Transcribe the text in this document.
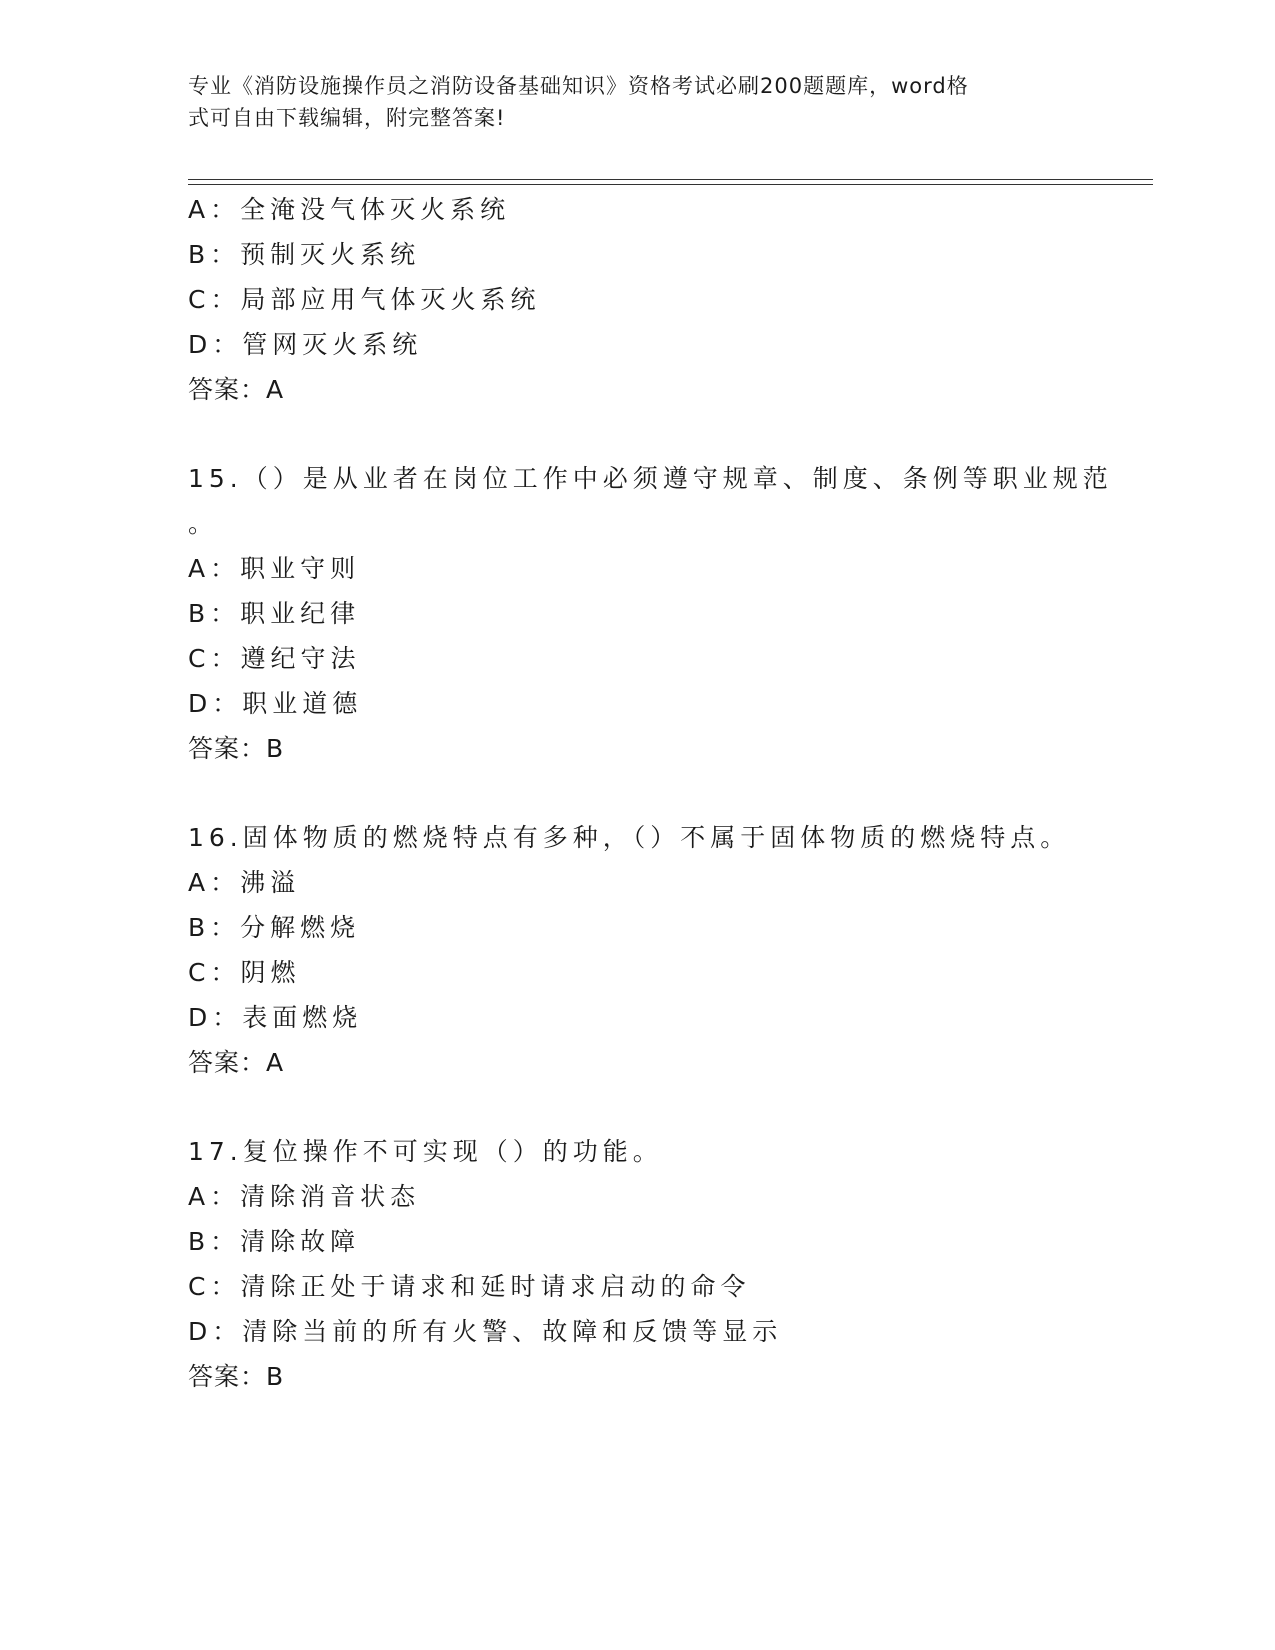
专业《消防设施操作员之消防设备基础知识》资格考试必刷200题题库，word格
式可自由下载编辑，附完整答案!
A：全淹没气体灭火系统
B：预制灭火系统
C：局部应用气体灭火系统
D：管网灭火系统
答案：A
15.（）是从业者在岗位工作中必须遵守规章、制度、条例等职业规范
。
A：职业守则
B：职业纪律
C：遵纪守法
D：职业道德
答案：B
16.固体物质的燃烧特点有多种，（）不属于固体物质的燃烧特点。
A：沸溢
B：分解燃烧
C：阴燃
D：表面燃烧
答案：A
17.复位操作不可实现（）的功能。
A：清除消音状态
B：清除故障
C：清除正处于请求和延时请求启动的命令
D：清除当前的所有火警、故障和反馈等显示
答案：B
